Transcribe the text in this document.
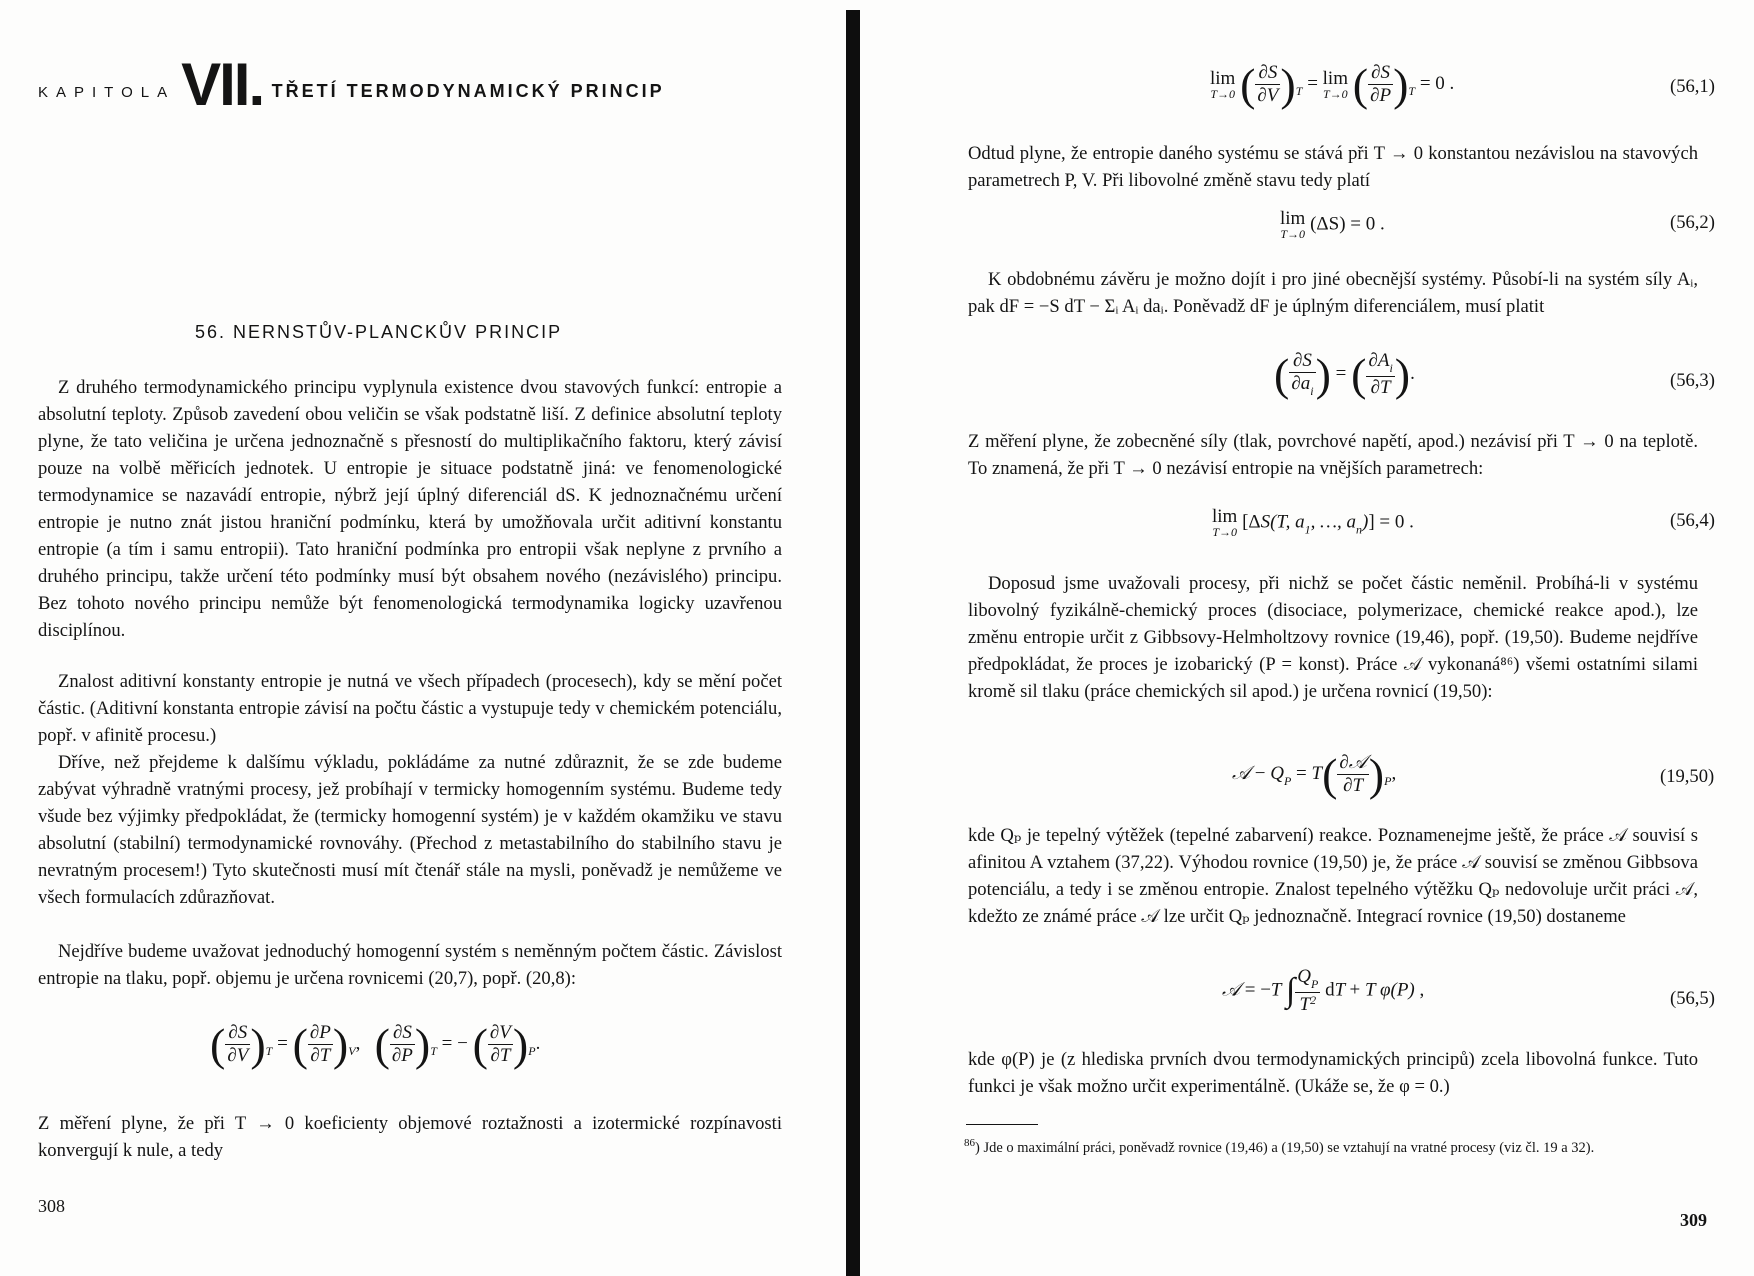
KAPITOLA VII. TŘETÍ TERMODYNAMICKÝ PRINCIP
56. NERNSTŮV-PLANCKŮV PRINCIP

Z druhého termodynamického principu vyplynula existence dvou stavových funkcí: entropie a absolutní teploty. Způsob zavedení obou veličin se však podstatně liší. Z definice absolutní teploty plyne, že tato veličina je určena jednoznačně s přesností do multiplikačního faktoru, který závisí pouze na volbě měřicích jednotek. U entropie je situace podstatně jiná: ve fenomenologické termodynamice se nazavádí entropie, nýbrž její úplný diferenciál dS. K jednoznačnému určení entropie je nutno znát jistou hraniční podmínku, která by umožňovala určit aditivní konstantu entropie (a tím i samu entropii). Tato hraniční podmínka pro entropii však neplyne z prvního a druhého principu, takže určení této podmínky musí být obsahem nového (nezávislého) principu. Bez tohoto nového principu nemůže být fenomenologická termodynamika logicky uzavřenou disciplínou.

Znalost aditivní konstanty entropie je nutná ve všech případech (procesech), kdy se mění počet částic. (Aditivní konstanta entropie závisí na počtu částic a vystupuje tedy v chemickém potenciálu, popř. v afinitě procesu.)

Dříve, než přejdeme k dalšímu výkladu, pokládáme za nutné zdůraznit, že se zde budeme zabývat výhradně vratnými procesy, jež probíhají v termicky homogenním systému. Budeme tedy všude bez výjimky předpokládat, že (termicky homogenní systém) je v každém okamžiku ve stavu absolutní (stabilní) termodynamické rovnováhy. (Přechod z metastabilního do stabilního stavu je nevratným procesem!) Tyto skutečnosti musí mít čtenář stále na mysli, poněvadž je nemůžeme ve všech formulacích zdůrazňovat.

Nejdříve budeme uvažovat jednoduchý homogenní systém s neměnným počtem částic. Závislost entropie na tlaku, popř. objemu je určena rovnicemi (20,7), popř. (20,8):

( $\frac{\partial S}{\partial V} )_T$ = ( $\frac{\partial P}{\partial T} )_V$, ( $\frac{\partial S}{\partial P} )_T$ = − ( $\frac{\partial V}{\partial T} )_P$.

Z měření plyne, že při T → 0 koeficienty objemové roztažnosti a izotermické rozpínavosti konvergují k nule, a tedy

308
lim
T→0 ( $\frac{\partial S}{\partial V} )_T = \lim$
T→0 ( $\frac{\partial S}{\partial P} )_T = 0$ .	(56,1)

Odtud plyne, že entropie daného systému se stává při T → 0 konstantou nezávislou na stavových parametrech P, V. Při libovolné změně stavu tedy platí

lim
T→0 (ΔS) = 0 .	(56,2)

K obdobnému závěru je možno dojít i pro jiné obecnější systémy. Působí-li na systém síly Aᵢ, pak dF = −S dT − Σᵢ Aᵢ daᵢ. Poněvadž dF je úplným diferenciálem, musí platit

( $\frac{\partial S}{\partial a_i}$ ) = ( $\frac{\partial A_i}{\partial T}$ ).	(56,3)

Z měření plyne, že zobecněné síly (tlak, povrchové napětí, apod.) nezávisí při T → 0 na teplotě. To znamená, že při T → 0 nezávisí entropie na vnějších parametrech:

lim
T→0 [ΔS(T, $a_1$, …, $a_n)] = 0$ .	(56,4)

Doposud jsme uvažovali procesy, při nichž se počet částic neměnil. Probíhá-li v systému libovolný fyzikálně-chemický proces (disociace, polymerizace, chemické reakce apod.), lze změnu entropie určit z Gibbsovy-Helmholtzovy rovnice (19,46), popř. (19,50). Budeme nejdříve předpokládat, že proces je izobarický (P = konst). Práce 𝒜 vykonaná⁸⁶) všemi ostatními silami kromě sil tlaku (práce chemických sil apod.) je určena rovnicí (19,50):

𝒜 − $Q_P = T( \frac{\text{∂𝒜}}{\partial T} )_P$,	(19,50)

kde Qₚ je tepelný výtěžek (tepelné zabarvení) reakce. Poznamenejme ještě, že práce 𝒜 souvisí s afinitou A vztahem (37,22). Výhodou rovnice (19,50) je, že práce 𝒜 souvisí se změnou Gibbsova potenciálu, a tedy i se změnou entropie. Znalost tepelného výtěžku Qₚ nedovoluje určit práci 𝒜, kdežto ze známé práce 𝒜 lze určit Qₚ jednoznačně. Integrací rovnice (19,50) dostaneme

𝒜 = −T ∫ $\frac{Q_P}{T^2}$ dT + T φ(P) ,	(56,5)

kde φ(P) je (z hlediska prvních dvou termodynamických principů) zcela libovolná funkce. Tuto funkci je však možno určit experimentálně. (Ukáže se, že φ = 0.)

309
$^{86}$) Jde o maximální práci, poněvadž rovnice (19,46) a (19,50) se vztahují na vratné procesy (viz čl. 19 a 32).
